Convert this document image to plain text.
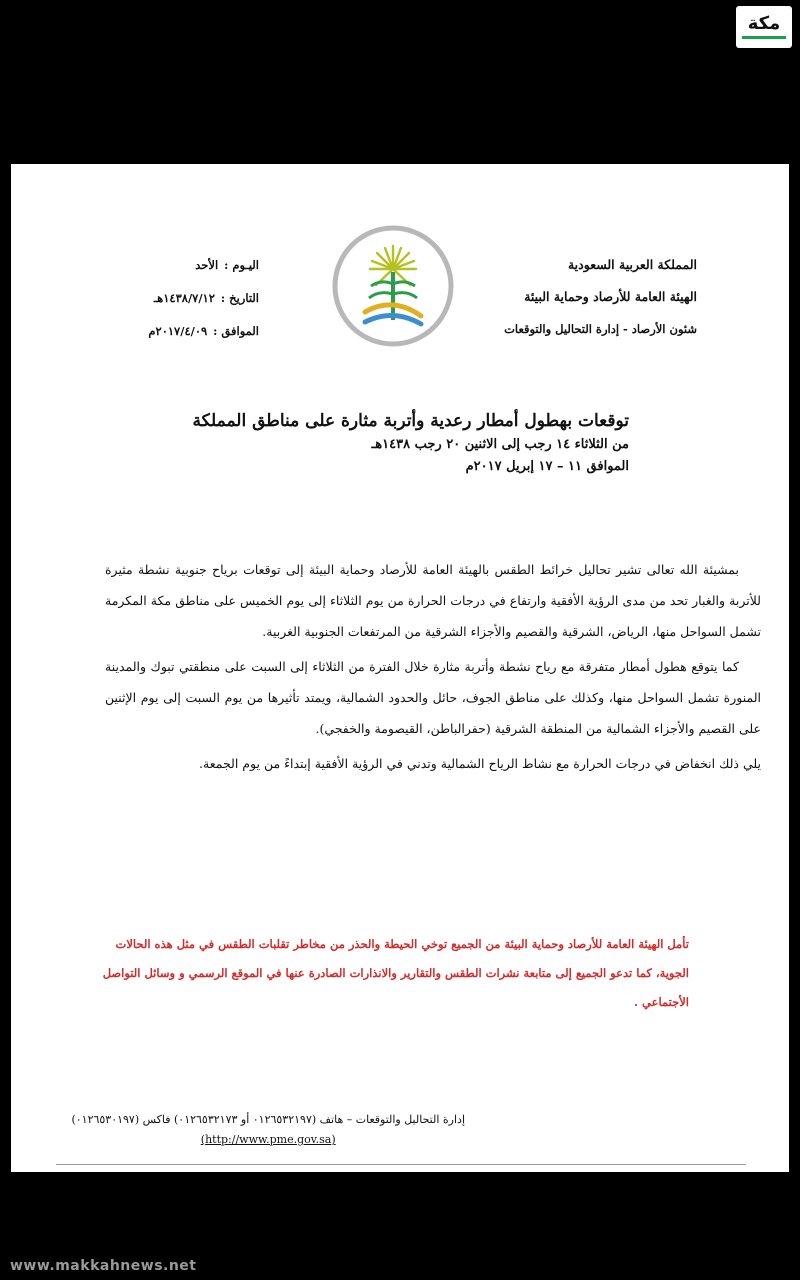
مكة
المملكة العربية السعودية
الهيئة العامة للأرصاد وحماية البيئة
شئون الأرصاد - إدارة التحاليل والتوقعات
اليـوم :الأحد
التاريخ :١٤٣٨/٧/١٢هـ
الموافق :٢٠١٧/٤/٠٩م
توقعات بهطول أمطار رعدية وأتربة مثارة على مناطق المملكة
من الثلاثاء ١٤ رجب إلى الاثنين ٢٠ رجب ١٤٣٨هـ
الموافق ١١ – ١٧ إبريل ٢٠١٧م

بمشيئة الله تعالى تشير تحاليل خرائط الطقس بالهيئة العامة للأرصاد وحماية البيئة إلى توقعات برياح جنوبية نشطة مثيرة للأتربة والغبار تحد من مدى الرؤية الأفقية وارتفاع في درجات الحرارة من يوم الثلاثاء إلى يوم الخميس على مناطق مكة المكرمة تشمل السواحل منها، الرياض، الشرقية والقصيم والأجزاء الشرقية من المرتفعات الجنوبية الغربية.

كما يتوقع هطول أمطار متفرقة مع رياح نشطة وأتربة مثارة خلال الفترة من الثلاثاء إلى السبت على منطقتي تبوك والمدينة المنورة تشمل السواحل منها، وكذلك على مناطق الجوف، حائل والحدود الشمالية، ويمتد تأثيرها من يوم السبت إلى يوم الإثنين على القصيم والأجزاء الشمالية من المنطقة الشرقية (حفرالباطن، القيصومة والخفجي).

يلي ذلك انخفاض في درجات الحرارة مع نشاط الرياح الشمالية وتدني في الرؤية الأفقية إبتداءً من يوم الجمعة.

تأمل الهيئة العامة للأرصاد وحماية البيئة من الجميع توخي الحيطة والحذر من مخاطر تقلبات الطقس في مثل هذه الحالات الجوية، كما تدعو الجميع إلى متابعة نشرات الطقس والتقارير والانذارات الصادرة عنها في الموقع الرسمي و وسائل التواصل الأجتماعي .
إدارة التحاليل والتوقعات – هاتف (٠١٢٦٥٣٢١٩٧ أو ٠١٢٦٥٣٢١٧٣) فاكس (٠١٢٦٥٣٠١٩٧)
(http://www.pme.gov.sa)
www.makkahnews.net
